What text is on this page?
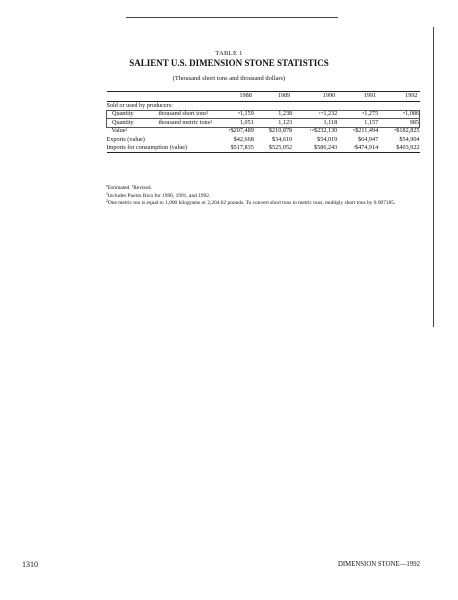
TABLE 1
SALIENT U.S. DIMENSION STONE STATISTICS
(Thousand short tons and thousand dollars)
		1988	1989	1990	1991	1992
Sold or used by producers:						
Quantity	thousand short tons$^1$	$^e$1,159	1,238	$^{r e}$1,232	$^e$1,275	$^e$1,086
Quantity	thousand metric tons$^2$	1,051	1,123	1,118	1,157	985
Value$^1$		$^e$\$207,489	$210,878	$^{r e}$\$232,130	$^e$\$211,494	$^e$\$182,825
Exports (value)		$42,668	$34,610	$54,019	$64,947	$54,904
Imports for consumption (value)		$517,835	$525,052	$586,243	$^r$\$474,914	$403,922
$^e$Estimated. $^r$Revised.
$^1$Includes Puerto Rico for 1990, 1991, and 1992.
$^2$One metric ton is equal to 1,000 kilograms or 2,204.62 pounds. To convert short tons to metric tons, multiply short tons by 0.907185.
1310	DIMENSION STONE—1992
